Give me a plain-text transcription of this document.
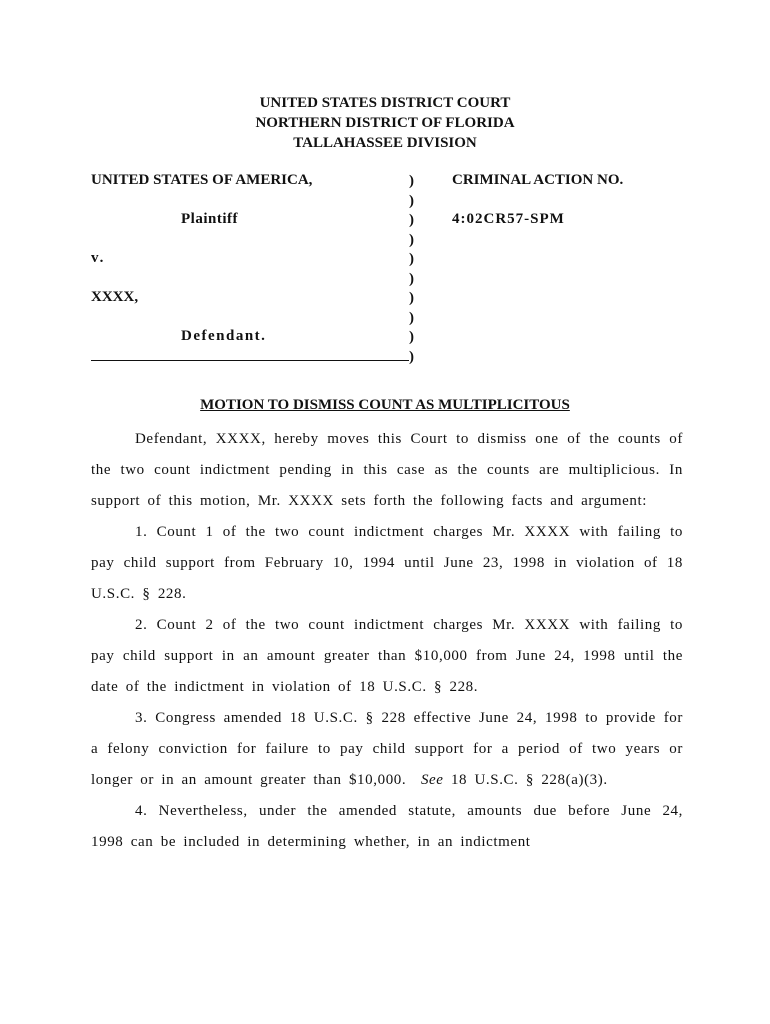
UNITED STATES DISTRICT COURT
NORTHERN DISTRICT OF FLORIDA
TALLAHASSEE DIVISION
UNITED STATES OF AMERICA,
Plaintiff
v.
XXXX,
Defendant.
)
)
)
)
)
)
)
)
)
)
CRIMINAL ACTION NO.
4:02CR57-SPM
MOTION TO DISMISS COUNT AS MULTIPLICITOUS

Defendant, XXXX, hereby moves this Court to dismiss one of the counts of the two count indictment pending in this case as the counts are multiplicious. In support of this motion, Mr. XXXX sets forth the following facts and argument:

1. Count 1 of the two count indictment charges Mr. XXXX with failing to pay child support from February 10, 1994 until June 23, 1998 in violation of 18 U.S.C. § 228.

2. Count 2 of the two count indictment charges Mr. XXXX with failing to pay child support in an amount greater than $10,000 from June 24, 1998 until the date of the indictment in violation of 18 U.S.C. § 228.

3. Congress amended 18 U.S.C. § 228 effective June 24, 1998 to provide for a felony conviction for failure to pay child support for a period of two years or longer or in an amount greater than $10,000. See 18 U.S.C. § 228(a)(3).

4. Nevertheless, under the amended statute, amounts due before June 24, 1998 can be included in determining whether, in an indictment
